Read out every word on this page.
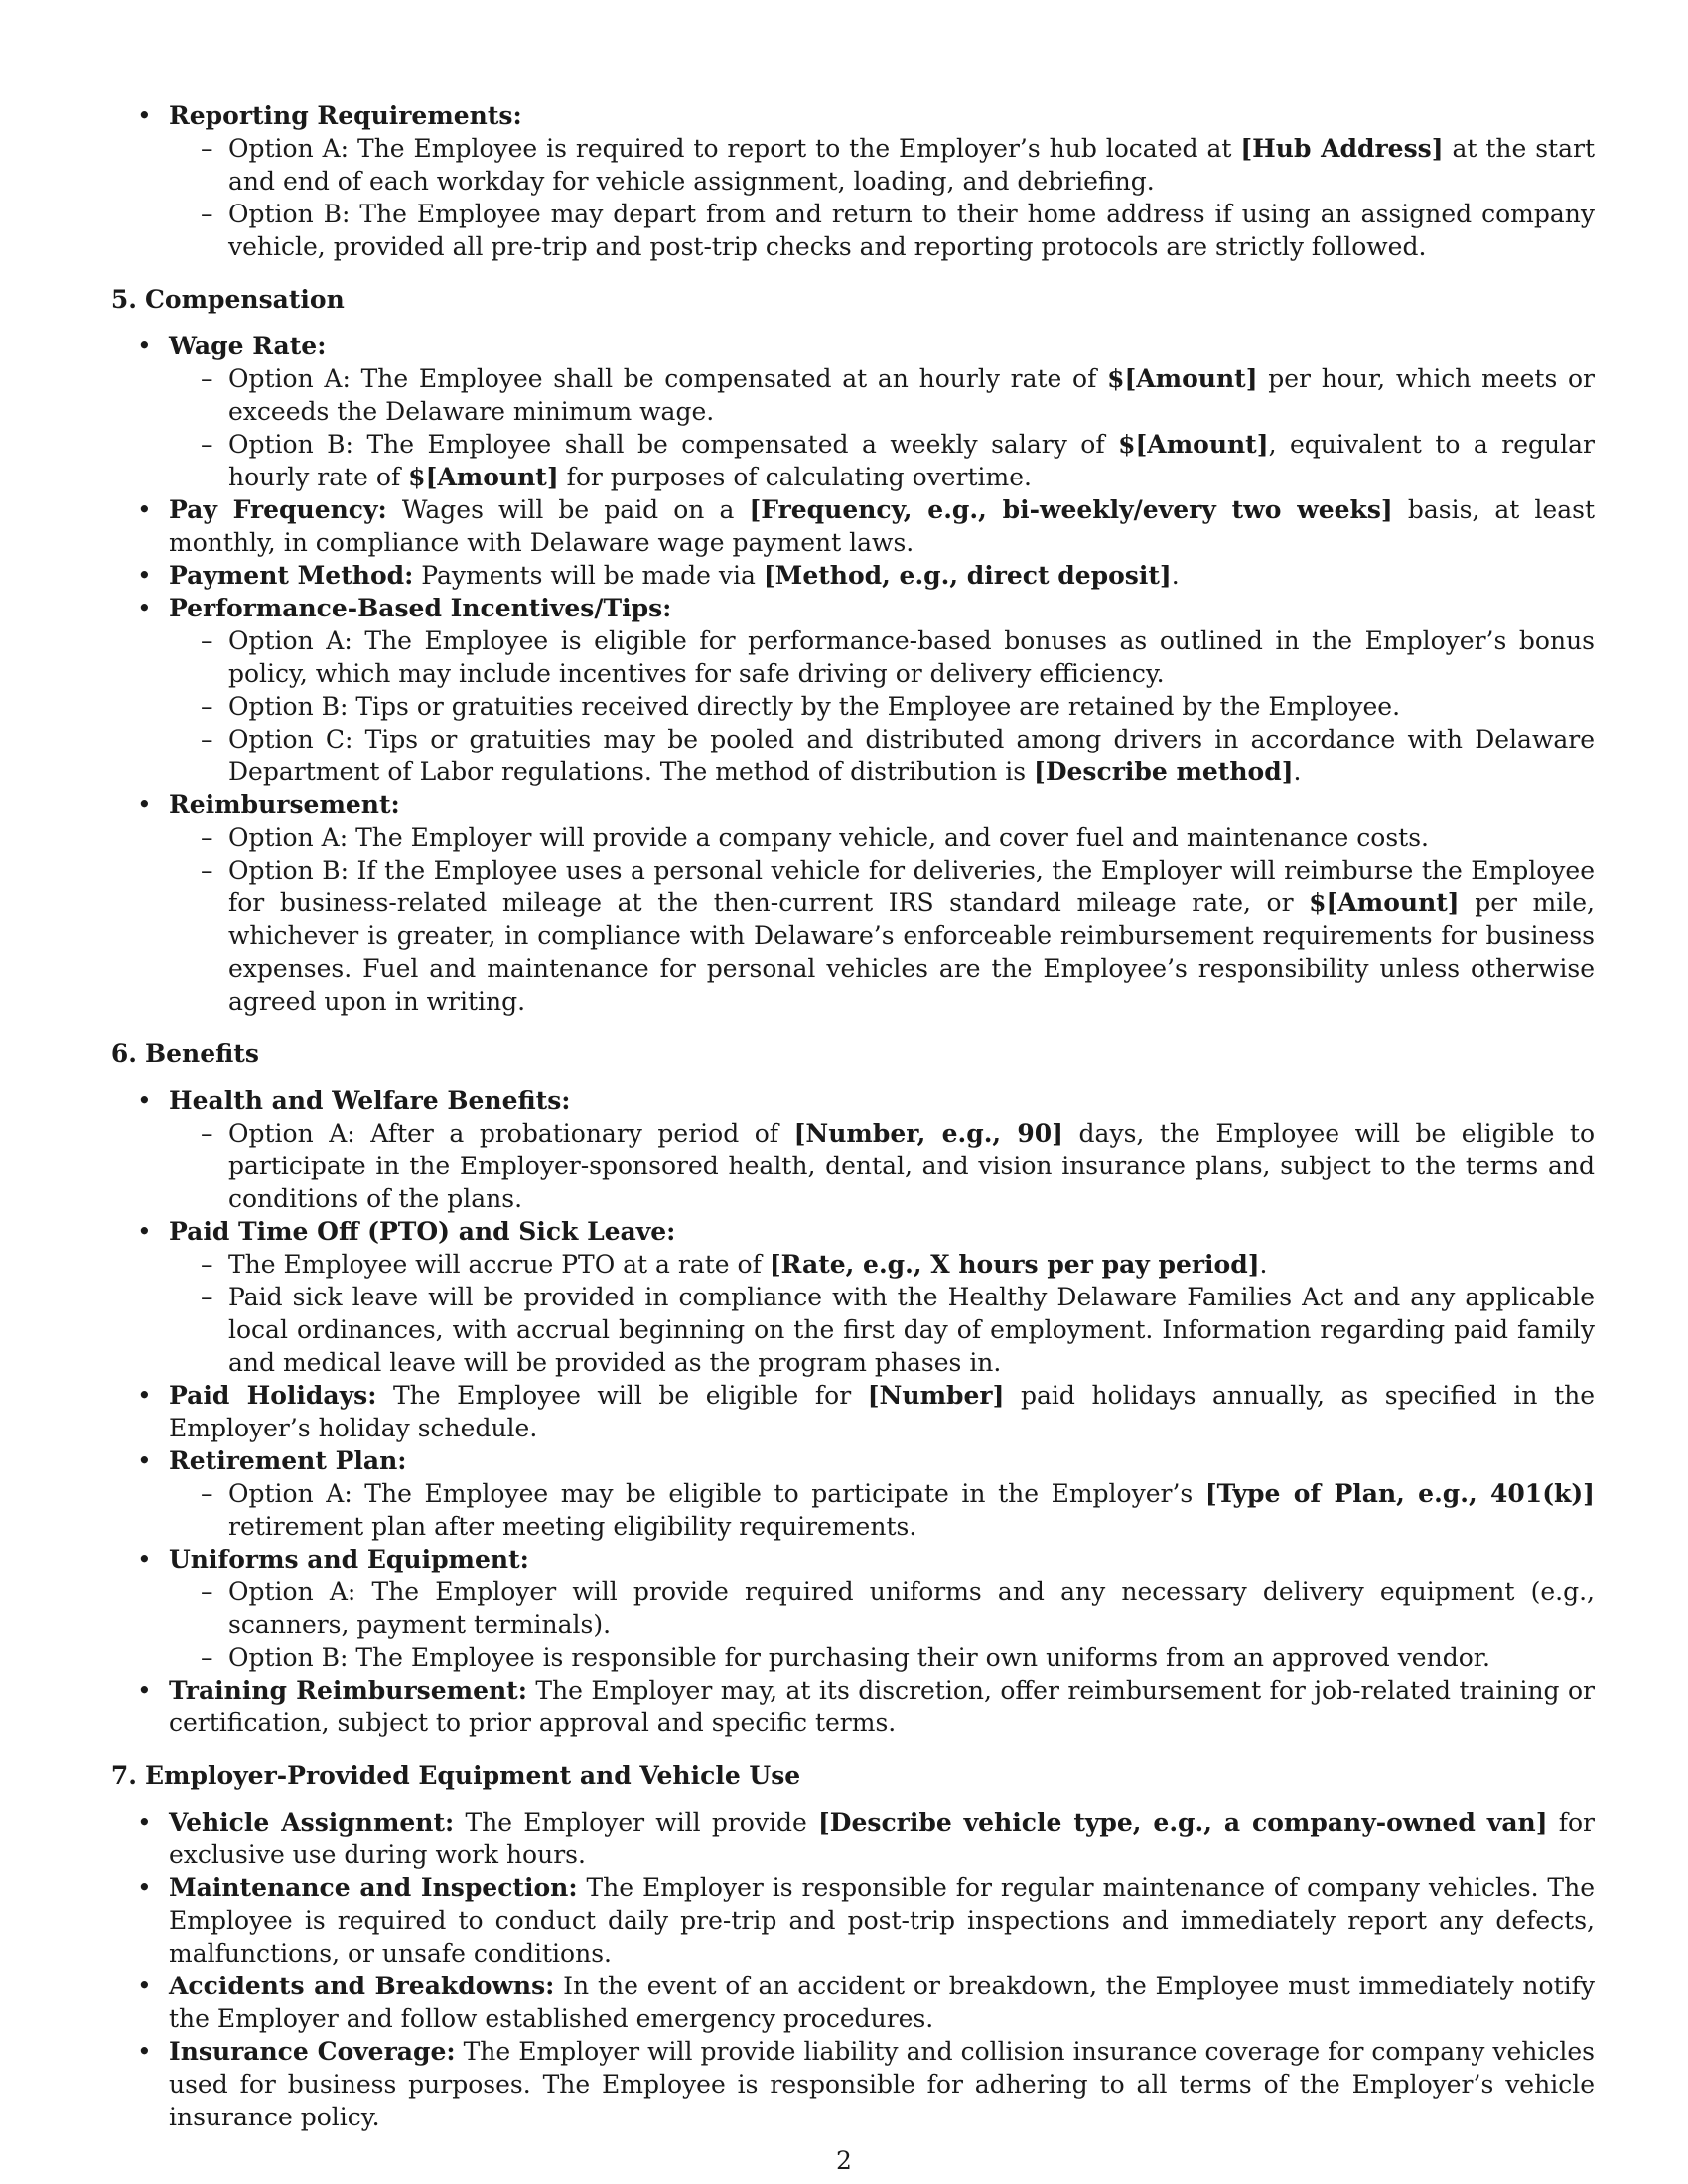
• Reporting Requirements:
– Option A: The Employee is required to report to the Employer’s hub located at [Hub Address] at the start and end of each workday for vehicle assignment, loading, and debriefing.
– Option B: The Employee may depart from and return to their home address if using an assigned company vehicle, provided all pre-trip and post-trip checks and reporting protocols are strictly followed.
5. Compensation
• Wage Rate:
– Option A: The Employee shall be compensated at an hourly rate of $[Amount] per hour, which meets or exceeds the Delaware minimum wage.
– Option B: The Employee shall be compensated a weekly salary of $[Amount], equivalent to a regular hourly rate of $[Amount] for purposes of calculating overtime.
• Pay Frequency: Wages will be paid on a [Frequency, e.g., bi-weekly/every two weeks] basis, at least monthly, in compliance with Delaware wage payment laws.
• Payment Method: Payments will be made via [Method, e.g., direct deposit].
• Performance-Based Incentives/Tips:
– Option A: The Employee is eligible for performance-based bonuses as outlined in the Employer’s bonus policy, which may include incentives for safe driving or delivery efficiency.
– Option B: Tips or gratuities received directly by the Employee are retained by the Employee.
– Option C: Tips or gratuities may be pooled and distributed among drivers in accordance with Delaware Department of Labor regulations. The method of distribution is [Describe method].
• Reimbursement:
– Option A: The Employer will provide a company vehicle, and cover fuel and maintenance costs.
– Option B: If the Employee uses a personal vehicle for deliveries, the Employer will reimburse the Employee for business-related mileage at the then-current IRS standard mileage rate, or $[Amount] per mile, whichever is greater, in compliance with Delaware’s enforceable reimbursement requirements for business expenses. Fuel and maintenance for personal vehicles are the Employee’s responsibility unless otherwise agreed upon in writing.
6. Benefits
• Health and Welfare Benefits:
– Option A: After a probationary period of [Number, e.g., 90] days, the Employee will be eligible to participate in the Employer-sponsored health, dental, and vision insurance plans, subject to the terms and conditions of the plans.
• Paid Time Off (PTO) and Sick Leave:
– The Employee will accrue PTO at a rate of [Rate, e.g., X hours per pay period].
– Paid sick leave will be provided in compliance with the Healthy Delaware Families Act and any applicable local ordinances, with accrual beginning on the first day of employment. Information regarding paid family and medical leave will be provided as the program phases in.
• Paid Holidays: The Employee will be eligible for [Number] paid holidays annually, as specified in the Employer’s holiday schedule.
• Retirement Plan:
– Option A: The Employee may be eligible to participate in the Employer’s [Type of Plan, e.g., 401(k)] retirement plan after meeting eligibility requirements.
• Uniforms and Equipment:
– Option A: The Employer will provide required uniforms and any necessary delivery equipment (e.g., scanners, payment terminals).
– Option B: The Employee is responsible for purchasing their own uniforms from an approved vendor.
• Training Reimbursement: The Employer may, at its discretion, offer reimbursement for job-related training or certification, subject to prior approval and specific terms.
7. Employer-Provided Equipment and Vehicle Use
• Vehicle Assignment: The Employer will provide [Describe vehicle type, e.g., a company-owned van] for exclusive use during work hours.
• Maintenance and Inspection: The Employer is responsible for regular maintenance of company vehicles. The Employee is required to conduct daily pre-trip and post-trip inspections and immediately report any defects, malfunctions, or unsafe conditions.
• Accidents and Breakdowns: In the event of an accident or breakdown, the Employee must immediately notify the Employer and follow established emergency procedures.
• Insurance Coverage: The Employer will provide liability and collision insurance coverage for company vehicles used for business purposes. The Employee is responsible for adhering to all terms of the Employer’s vehicle insurance policy.
2
